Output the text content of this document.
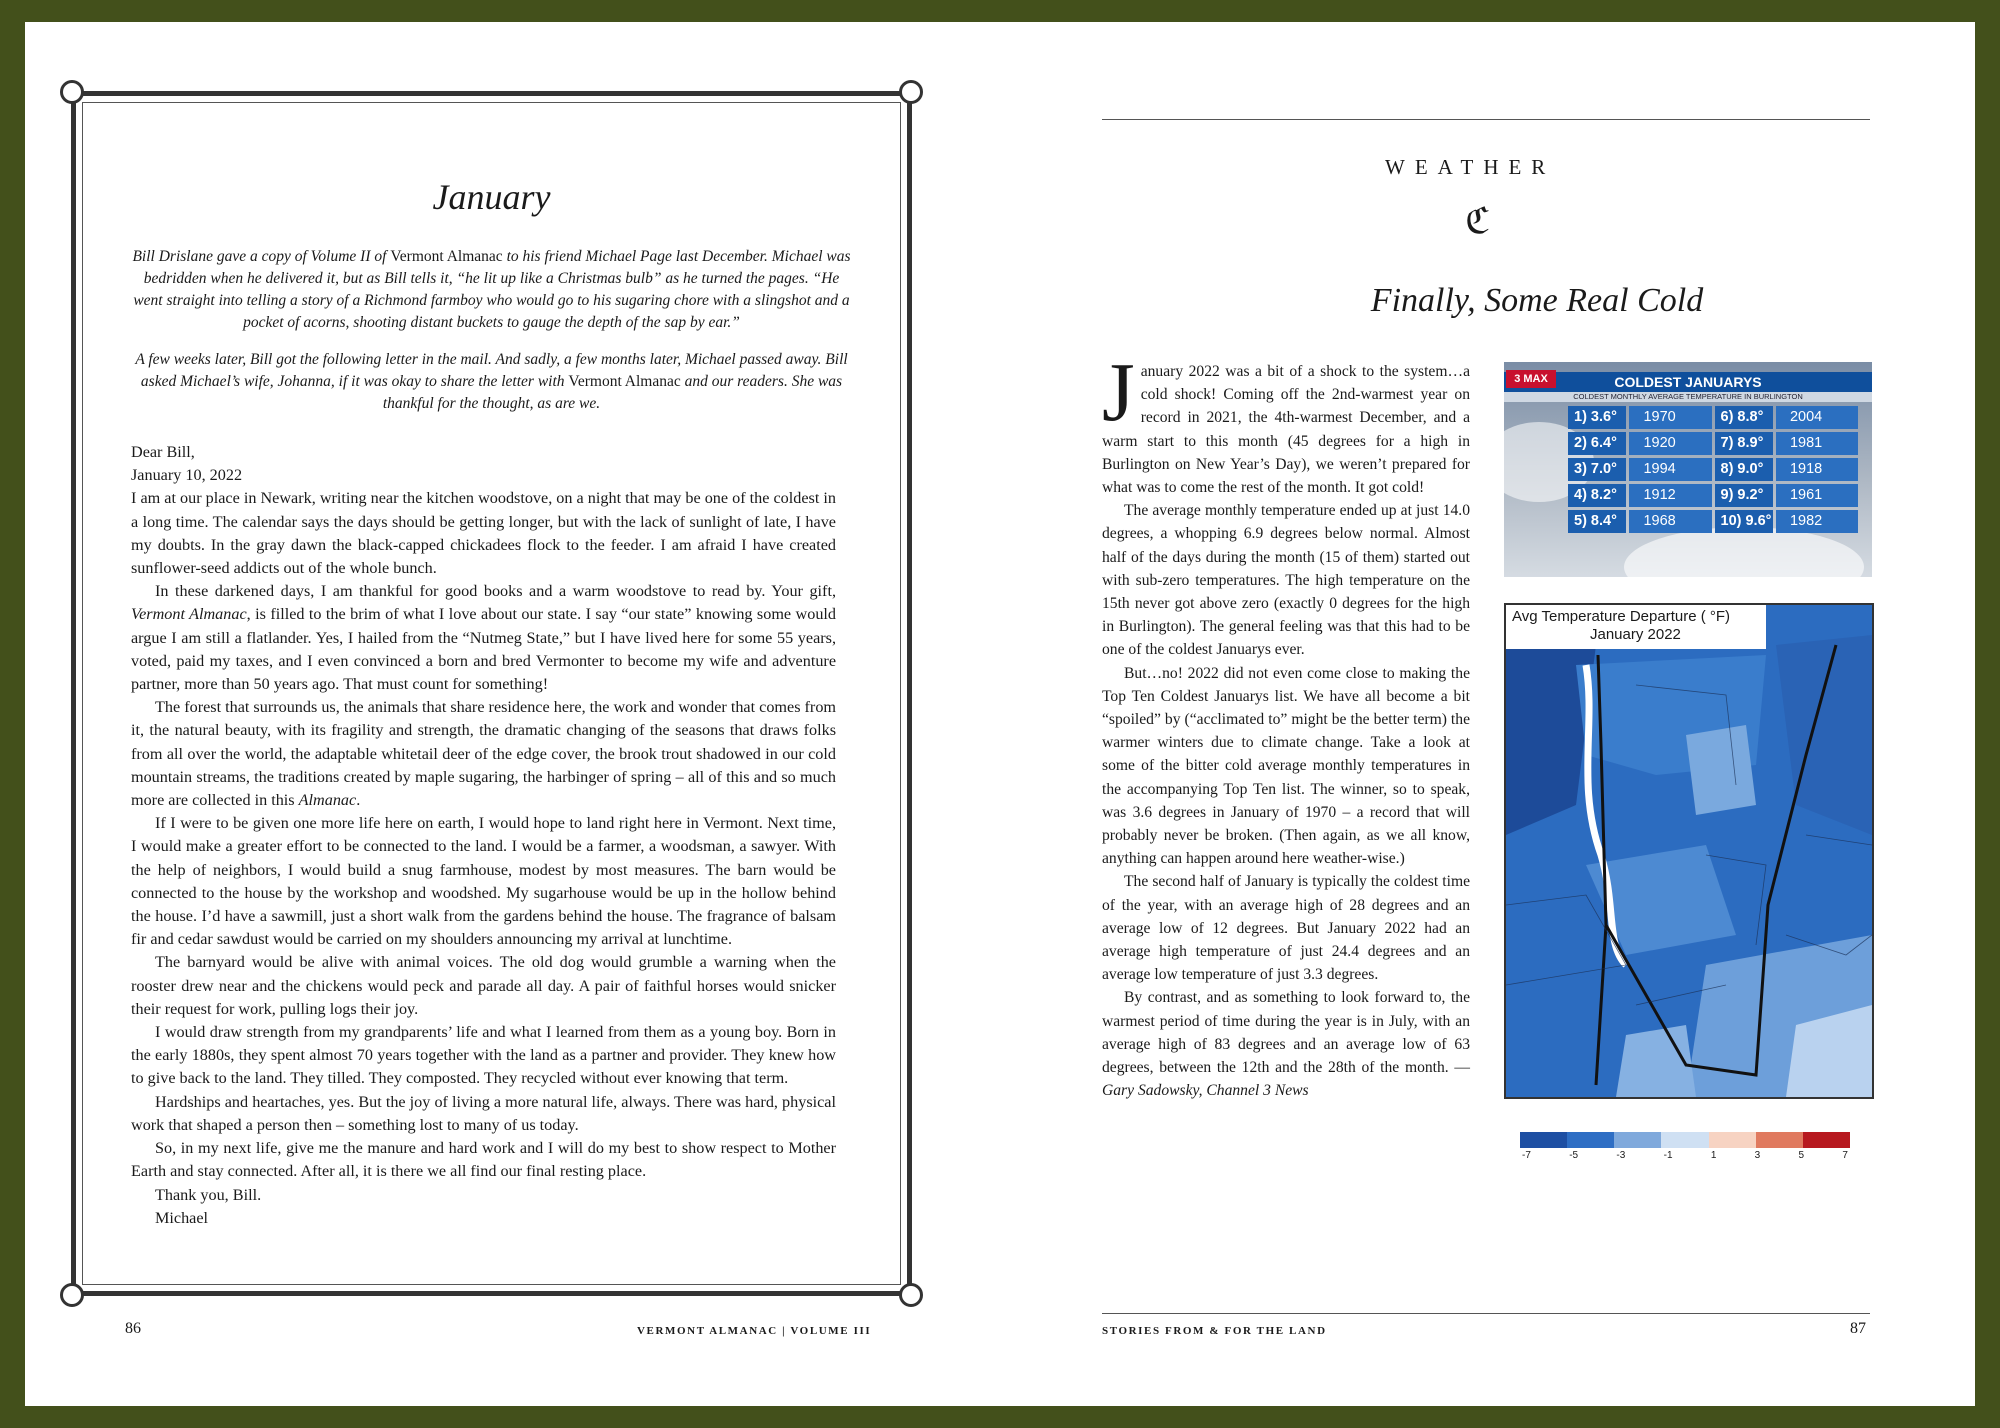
January
Bill Drislane gave a copy of Volume II of Vermont Almanac to his friend Michael Page last December. Michael was bedridden when he delivered it, but as Bill tells it, “he lit up like a Christmas bulb” as he turned the pages. “He went straight into telling a story of a Richmond farmboy who would go to his sugaring chore with a slingshot and a pocket of acorns, shooting distant buckets to gauge the depth of the sap by ear.”
A few weeks later, Bill got the following letter in the mail. And sadly, a few months later, Michael passed away. Bill asked Michael’s wife, Johanna, if it was okay to share the letter with Vermont Almanac and our readers. She was thankful for the thought, as are we.

Dear Bill,

January 10, 2022

I am at our place in Newark, writing near the kitchen woodstove, on a night that may be one of the coldest in a long time. The calendar says the days should be getting longer, but with the lack of sunlight of late, I have my doubts. In the gray dawn the black-capped chickadees flock to the feeder. I am afraid I have created sunflower-seed addicts out of the whole bunch.

In these darkened days, I am thankful for good books and a warm woodstove to read by. Your gift, Vermont Almanac, is filled to the brim of what I love about our state. I say “our state” knowing some would argue I am still a flatlander. Yes, I hailed from the “Nutmeg State,” but I have lived here for some 55 years, voted, paid my taxes, and I even convinced a born and bred Vermonter to become my wife and adventure partner, more than 50 years ago. That must count for something!

The forest that surrounds us, the animals that share residence here, the work and wonder that comes from it, the natural beauty, with its fragility and strength, the dramatic changing of the seasons that draws folks from all over the world, the adaptable whitetail deer of the edge cover, the brook trout shadowed in our cold mountain streams, the traditions created by maple sugaring, the harbinger of spring – all of this and so much more are collected in this Almanac.

If I were to be given one more life here on earth, I would hope to land right here in Vermont. Next time, I would make a greater effort to be connected to the land. I would be a farmer, a woodsman, a sawyer. With the help of neighbors, I would build a snug farmhouse, modest by most measures. The barn would be connected to the house by the workshop and woodshed. My sugarhouse would be up in the hollow behind the house. I’d have a sawmill, just a short walk from the gardens behind the house. The fragrance of balsam fir and cedar sawdust would be carried on my shoulders announcing my arrival at lunchtime.

The barnyard would be alive with animal voices. The old dog would grumble a warning when the rooster drew near and the chickens would peck and parade all day. A pair of faithful horses would snicker their request for work, pulling logs their joy.

I would draw strength from my grandparents’ life and what I learned from them as a young boy. Born in the early 1880s, they spent almost 70 years together with the land as a partner and provider. They knew how to give back to the land. They tilled. They composted. They recycled without ever knowing that term.

Hardships and heartaches, yes. But the joy of living a more natural life, always. There was hard, physical work that shaped a person then – something lost to many of us today.

So, in my next life, give me the manure and hard work and I will do my best to show respect to Mother Earth and stay connected. After all, it is there we all find our final resting place.

Thank you, Bill.

Michael

86	VERMONT ALMANAC | VOLUME III
WEATHER
ℭ
Finally, Some Real Cold

January 2022 was a bit of a shock to the system…a cold shock! Coming off the 2nd-warmest year on record in 2021, the 4th-warmest December, and a warm start to this month (45 degrees for a high in Burlington on New Year’s Day), we weren’t prepared for what was to come the rest of the month. It got cold!

The average monthly temperature ended up at just 14.0 degrees, a whopping 6.9 degrees below normal. Almost half of the days during the month (15 of them) started out with sub-zero temperatures. The high temperature on the 15th never got above zero (exactly 0 degrees for the high in Burlington). The general feeling was that this had to be one of the coldest Januarys ever.

But…no! 2022 did not even come close to making the Top Ten Coldest Januarys list. We have all become a bit “spoiled” by (“acclimated to” might be the better term) the warmer winters due to climate change. Take a look at some of the bitter cold average monthly temperatures in the accompanying Top Ten list. The winner, so to speak, was 3.6 degrees in January of 1970 – a record that will probably never be broken. (Then again, as we all know, anything can happen around here weather-wise.)

The second half of January is typically the coldest time of the year, with an average high of 28 degrees and an average low of 12 degrees. But January 2022 had an average high temperature of just 24.4 degrees and an average low temperature of just 3.3 degrees.

By contrast, and as something to look forward to, the warmest period of time during the year is in July, with an average high of 83 degrees and an average low of 63 degrees, between the 12th and the 28th of the month. —Gary Sadowsky, Channel 3 News

COLDEST JANUARYS
3 MAX
COLDEST MONTHLY AVERAGE TEMPERATURE IN BURLINGTON
1) 3.6°	1970	6) 8.8°	2004
2) 6.4°	1920	7) 8.9°	1981
3) 7.0°	1994	8) 9.0°	1918
4) 8.2°	1912	9) 9.2°	1961
5) 8.4°	1968	10) 9.6°	1982
Avg Temperature Departure ( °F)
January 2022
-7	-5	-3	-1	1	3	5	7
STORIES FROM & FOR THE LAND	87
